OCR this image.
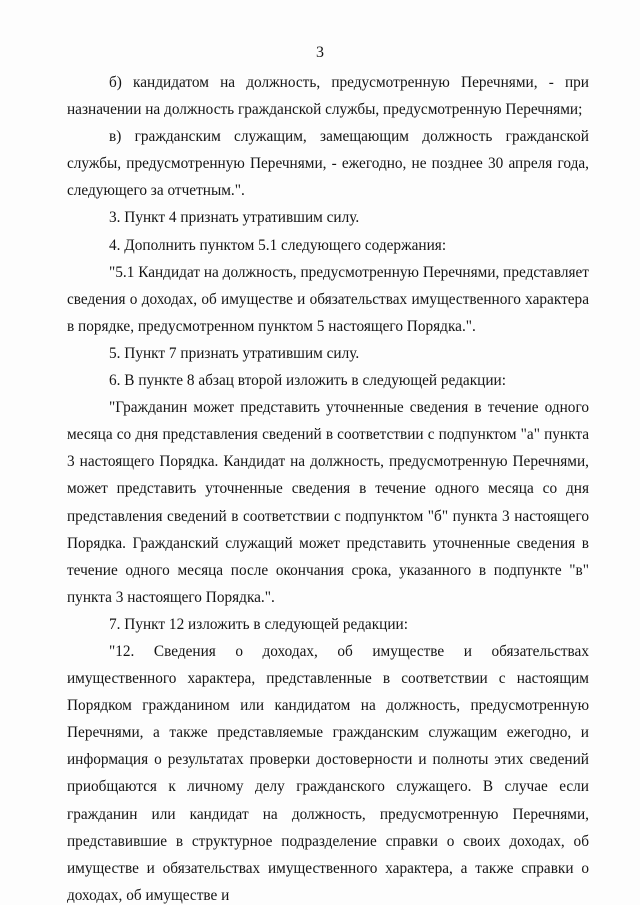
3

б) кандидатом на должность, предусмотренную Перечнями, - при назначении на должность гражданской службы, предусмотренную Перечнями;

в) гражданским служащим, замещающим должность гражданской службы, предусмотренную Перечнями, - ежегодно, не позднее 30 апреля года, следующего за отчетным.".

3. Пункт 4 признать утратившим силу.

4. Дополнить пунктом 5.1 следующего содержания:

"5.1 Кандидат на должность, предусмотренную Перечнями, представляет сведения о доходах, об имуществе и обязательствах имущественного характера в порядке, предусмотренном пунктом 5 настоящего Порядка.".

5. Пункт 7 признать утратившим силу.

6. В пункте 8 абзац второй изложить в следующей редакции:

"Гражданин может представить уточненные сведения в течение одного месяца со дня представления сведений в соответствии с подпунктом "а" пункта 3 настоящего Порядка. Кандидат на должность, предусмотренную Перечнями, может представить уточненные сведения в течение одного месяца со дня представления сведений в соответствии с подпунктом "б" пункта 3 настоящего Порядка. Гражданский служащий может представить уточненные сведения в течение одного месяца после окончания срока, указанного в подпункте "в" пункта 3 настоящего Порядка.".

7. Пункт 12 изложить в следующей редакции:

"12. Сведения о доходах, об имуществе и обязательствах имущественного характера, представленные в соответствии с настоящим Порядком гражданином или кандидатом на должность, предусмотренную Перечнями, а также представляемые гражданским служащим ежегодно, и информация о результатах проверки достоверности и полноты этих сведений приобщаются к личному делу гражданского служащего. В случае если гражданин или кандидат на должность, предусмотренную Перечнями, представившие в структурное подразделение справки о своих доходах, об имуществе и обязательствах имущественного характера, а также справки о доходах, об имуществе и
